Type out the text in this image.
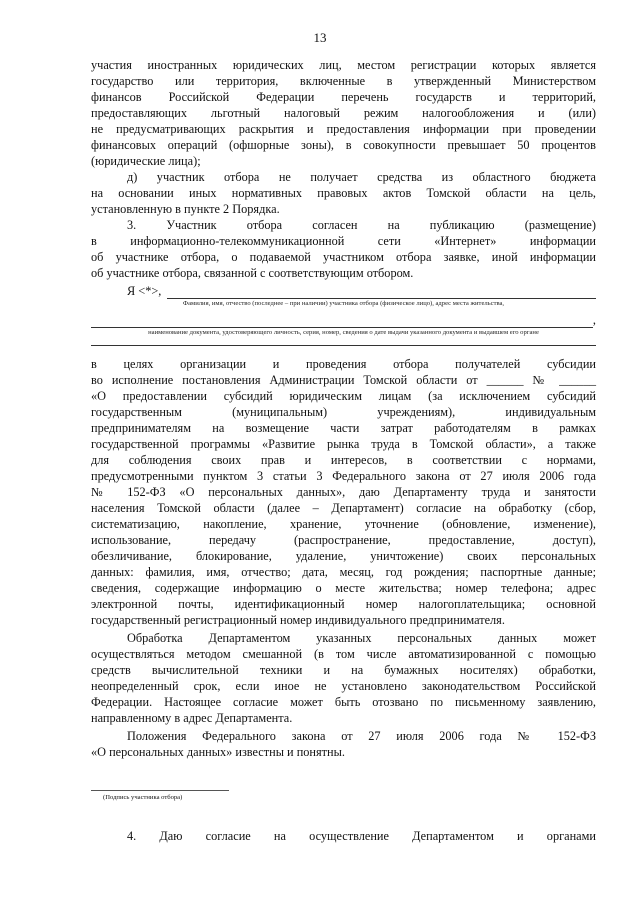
13

участия иностранных юридических лиц, местом регистрации которых является

государство или территория, включенные в утвержденный Министерством

финансов Российской Федерации перечень государств и территорий,

предоставляющих льготный налоговый режим налогообложения и (или)

не предусматривающих раскрытия и предоставления информации при проведении

финансовых операций (офшорные зоны), в совокупности превышает 50 процентов

(юридические лица);

д) участник отбора не получает средства из областного бюджета

на основании иных нормативных правовых актов Томской области на цель,

установленную в пункте 2 Порядка.

3. Участник отбора согласен на публикацию (размещение)

в информационно-телекоммуникационной сети «Интернет» информации

об участнике отбора, о подаваемой участником отбора заявке, иной информации

об участнике отбора, связанной с соответствующим отбором.

Я <*>,
Фамилия, имя, отчество (последнее – при наличии) участника отбора (физическое лицо), адрес места жительства,
,
наименование документа, удостоверяющего личность, серия, номер, сведения о дате выдачи указанного документа и выдавшем его органе

в целях организации и проведения отбора получателей субсидии

во исполнение постановления Администрации Томской области от ______ № ______

«О предоставлении субсидий юридическим лицам (за исключением субсидий

государственным (муниципальным) учреждениям), индивидуальным

предпринимателям на возмещение части затрат работодателям в рамках

государственной программы «Развитие рынка труда в Томской области», а также

для соблюдения своих прав и интересов, в соответствии с нормами,

предусмотренными пунктом 3 статьи 3 Федерального закона от 27 июля 2006 года

№ 152-ФЗ «О персональных данных», даю Департаменту труда и занятости

населения Томской области (далее – Департамент) согласие на обработку (сбор,

систематизацию, накопление, хранение, уточнение (обновление, изменение),

использование, передачу (распространение, предоставление, доступ),

обезличивание, блокирование, удаление, уничтожение) своих персональных

данных: фамилия, имя, отчество; дата, месяц, год рождения; паспортные данные;

сведения, содержащие информацию о месте жительства; номер телефона; адрес

электронной почты, идентификационный номер налогоплательщика; основной

государственный регистрационный номер индивидуального предпринимателя.

Обработка Департаментом указанных персональных данных может

осуществляться методом смешанной (в том числе автоматизированной с помощью

средств вычислительной техники и на бумажных носителях) обработки,

неопределенный срок, если иное не установлено законодательством Российской

Федерации. Настоящее согласие может быть отозвано по письменному заявлению,

направленному в адрес Департамента.

Положения Федерального закона от 27 июля 2006 года № 152-ФЗ

«О персональных данных» известны и понятны.

(Подпись участника отбора)

4. Даю согласие на осуществление Департаментом и органами
